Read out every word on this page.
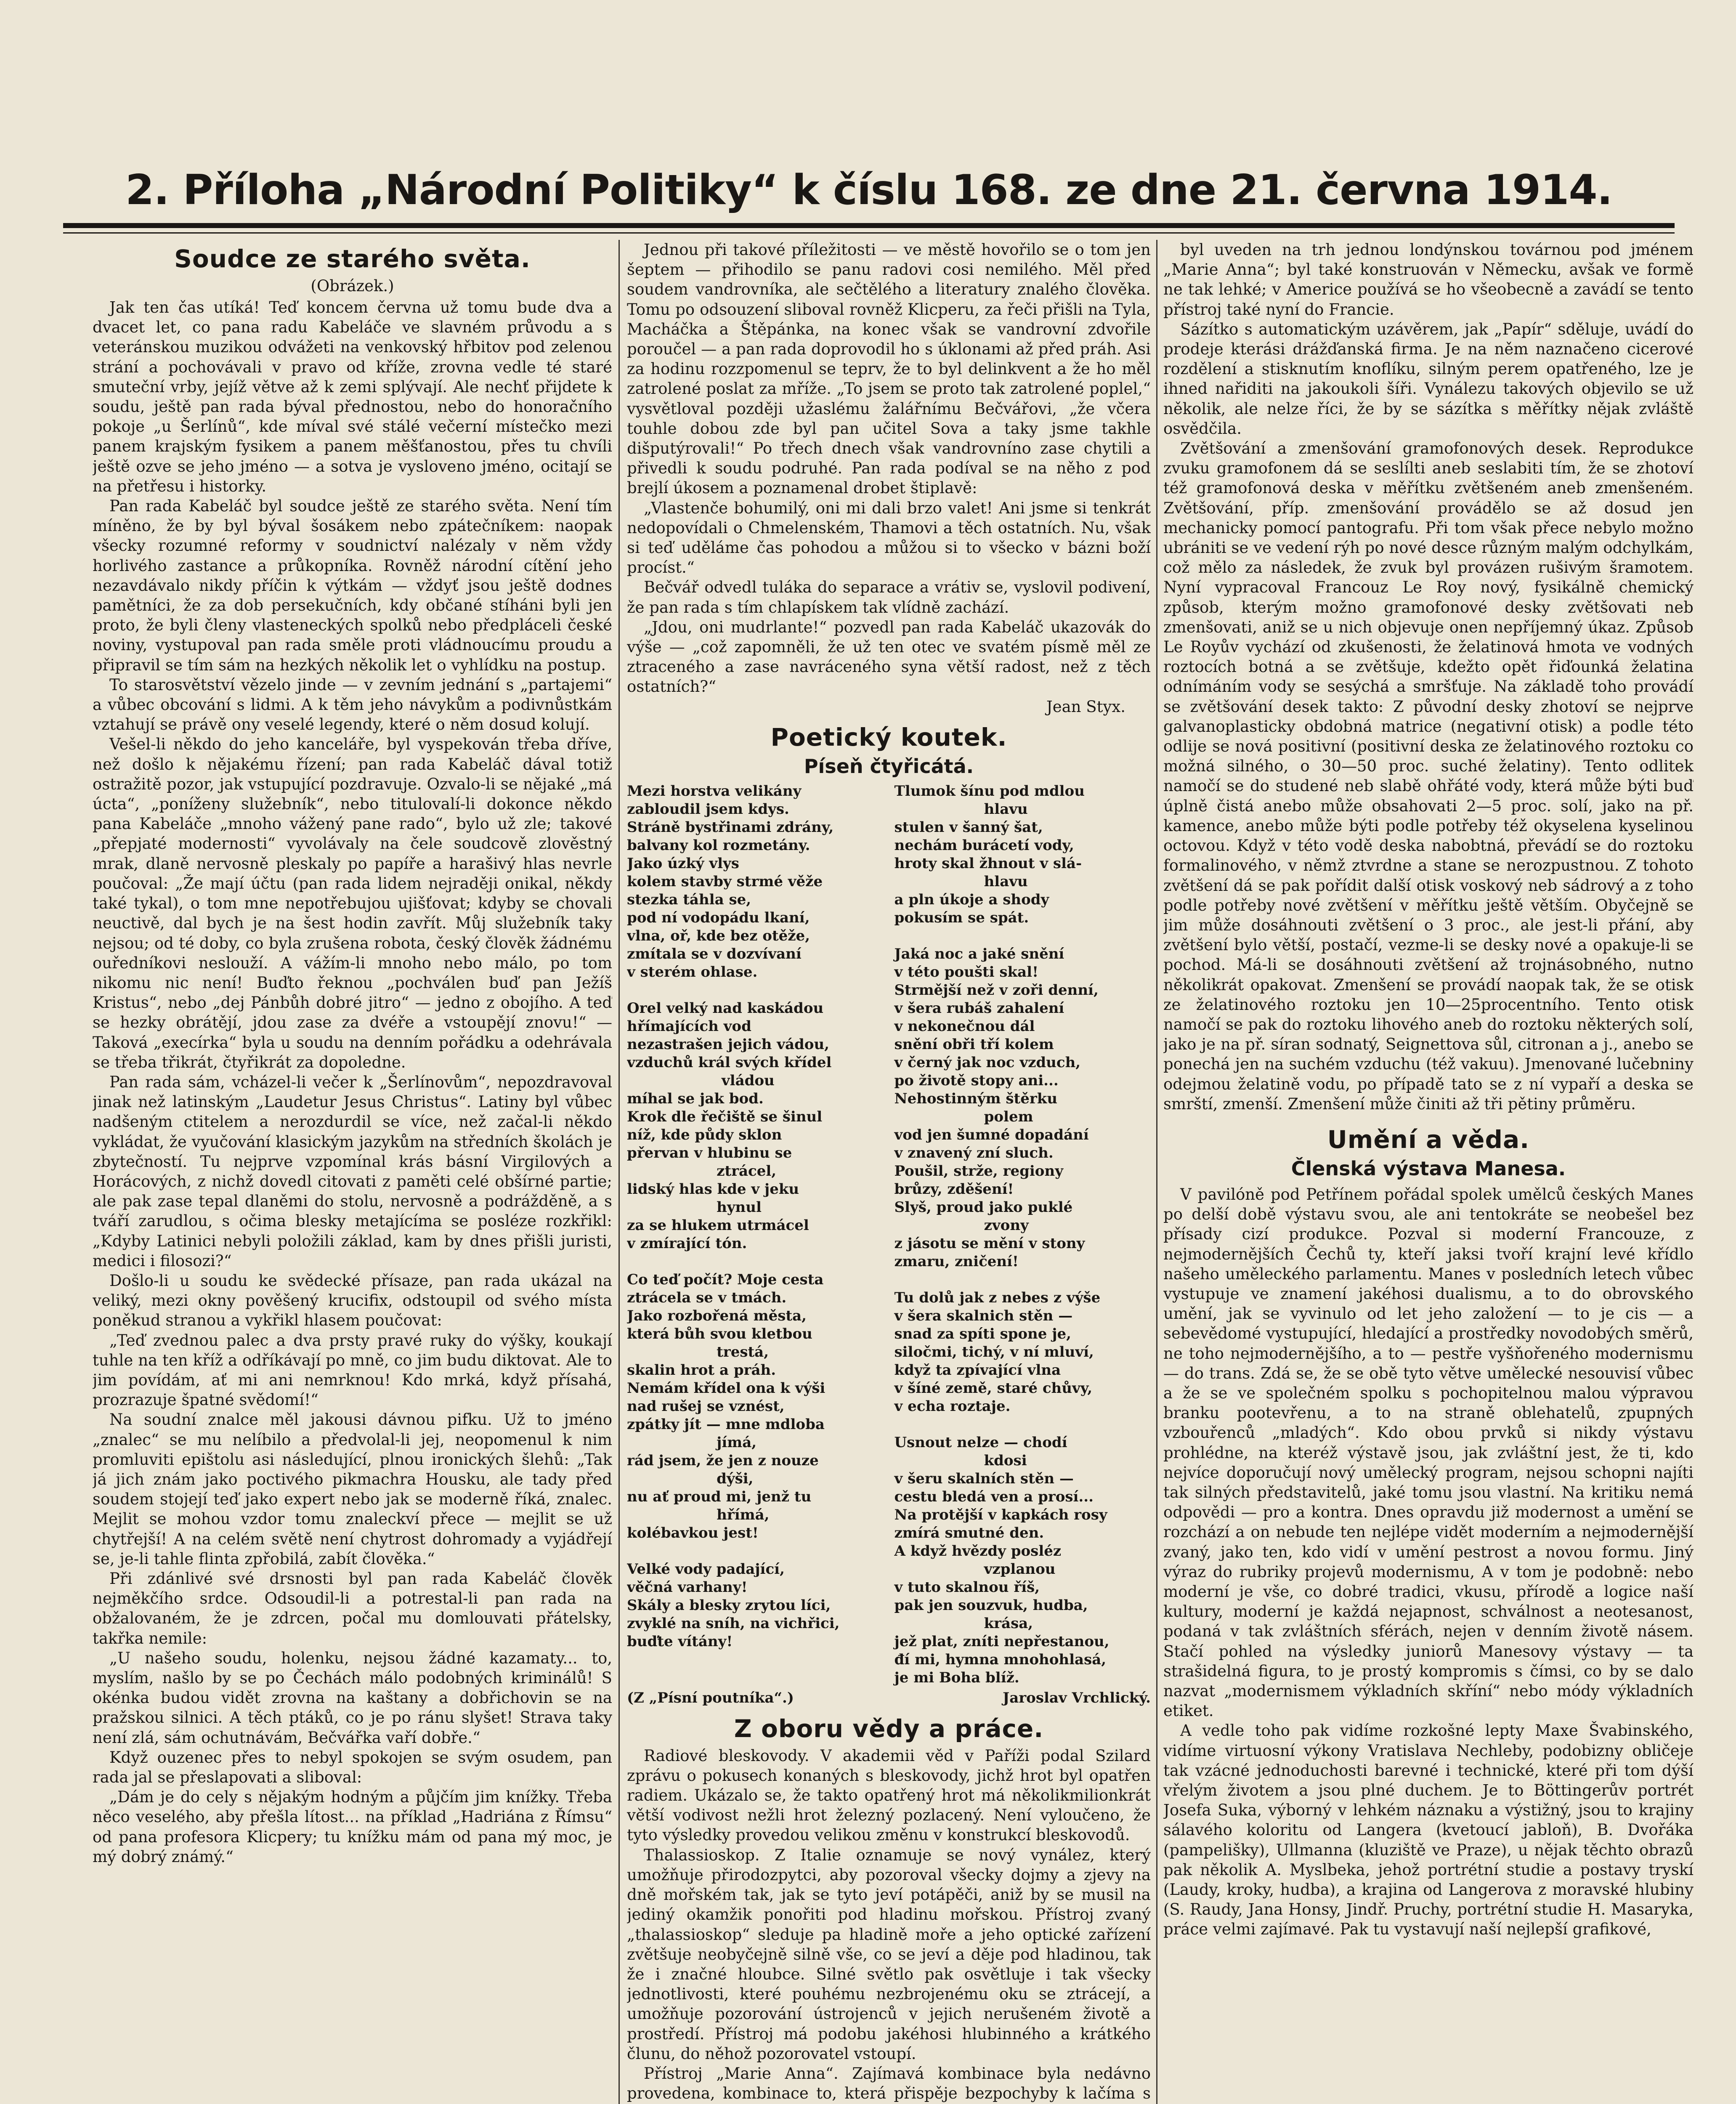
2. Příloha „Národní Politiky“ k číslu 168. ze dne 21. června 1914.
Soudce ze starého světa.
(Obrázek.)

Jak ten čas utíká! Teď koncem června už tomu bude dva a dvacet let, co pana radu Kabeláče ve slavném průvodu a s veteránskou muzikou odvážeti na venkovský hřbitov pod zelenou strání a pochovávali v pravo od kříže, zrovna vedle té staré smuteční vrby, jejíž větve až k zemi splývají. Ale nechť přijdete k soudu, ještě pan rada býval přednostou, nebo do honoračního pokoje „u Šerlínů“, kde míval své stálé večerní místečko mezi panem krajským fysikem a panem měšťanostou, přes tu chvíli ještě ozve se jeho jméno — a sotva je vysloveno jméno, ocitají se na přetřesu i historky.

Pan rada Kabeláč byl soudce ještě ze starého světa. Není tím míněno, že by byl býval šosákem nebo zpátečníkem: naopak všecky rozumné reformy v soudnictví nalézaly v něm vždy horlivého zastance a průkopníka. Rovněž národní cítění jeho nezavdávalo nikdy příčin k výtkám — vždyť jsou ještě dodnes pamětníci, že za dob persekučních, kdy občané stíháni byli jen proto, že byli členy vlasteneckých spolků nebo předpláceli české noviny, vystupoval pan rada směle proti vládnoucímu proudu a připravil se tím sám na hezkých několik let o vyhlídku na postup.

To starosvětství vězelo jinde — v zevním jednání s „partajemi“ a vůbec obcování s lidmi. A k těm jeho návykům a podivnůstkám vztahují se právě ony veselé legendy, které o něm dosud kolují.

Vešel-li někdo do jeho kanceláře, byl vyspekován třeba dříve, než došlo k nějakému řízení; pan rada Kabeláč dával totiž ostražitě pozor, jak vstupující pozdravuje. Ozvalo-li se nějaké „má úcta“, „poníženy služebník“, nebo titulovalí-li dokonce někdo pana Kabeláče „mnoho vážený pane rado“, bylo už zle; takové „přepjaté modernosti“ vyvolávaly na čele soudcově zlověstný mrak, dlaně nervosně pleskaly po papíře a harašivý hlas nevrle poučoval: „Že mají účtu (pan rada lidem nejraději onikal, někdy také tykal), o tom mne nepotřebujou ujišťovat; kdyby se chovali neuctivě, dal bych je na šest hodin zavřít. Můj služebník taky nejsou; od té doby, co byla zrušena robota, český člověk žádnému ouředníkovi neslouží. A vážím-li mnoho nebo málo, po tom nikomu nic není! Buďto řeknou „pochválen buď pan Ježíš Kristus“, nebo „dej Pánbůh dobré jitro“ — jedno z obojího. A teď se hezky obrátějí, jdou zase za dvéře a vstoupějí znovu!“ — Taková „execírka“ byla u soudu na denním pořádku a odehrávala se třeba třikrát, čtyřikrát za dopoledne.

Pan rada sám, vcházel-li večer k „Šerlínovům“, nepozdravoval jinak než latinským „Laudetur Jesus Christus“. Latiny byl vůbec nadšeným ctitelem a nerozdurdil se více, než začal-li někdo vykládat, že vyučování klasickým jazykům na středních školách je zbytečností. Tu nejprve vzpomínal krás básní Virgilových a Horácových, z nichž dovedl citovati z paměti celé obšírné partie; ale pak zase tepal dlaněmi do stolu, nervosně a podrážděně, a s tváří zarudlou, s očima blesky metajícíma se posléze rozkřikl: „Kdyby Latinici nebyli položili základ, kam by dnes přišli juristi, medici i filosozi?“

Došlo-li u soudu ke svědecké přísaze, pan rada ukázal na veliký, mezi okny pověšený krucifix, odstoupil od svého místa poněkud stranou a vykřikl hlasem poučovat:

„Teď zvednou palec a dva prsty pravé ruky do výšky, koukají tuhle na ten kříž a odříkávají po mně, co jim budu diktovat. Ale to jim povídám, ať mi ani nemrknou! Kdo mrká, když přísahá, prozrazuje špatné svědomí!“

Na soudní znalce měl jakousi dávnou pifku. Už to jméno „znalec“ se mu nelíbilo a předvolal-li jej, neopomenul k nim promluviti epištolu asi následující, plnou ironických šlehů: „Tak já jich znám jako poctivého pikmachra Housku, ale tady před soudem stojejí teď jako expert nebo jak se moderně říká, znalec. Mejlit se mohou vzdor tomu znaleckví přece — mejlit se už chytřejší! A na celém světě není chytrost dohromady a vyjádřejí se, je-li tahle flinta zpřobilá, zabít člověka.“

Při zdánlivé své drsnosti byl pan rada Kabeláč člověk nejměkčího srdce. Odsoudil-li a potrestal-li pan rada na obžalovaném, že je zdrcen, počal mu domlouvati přátelsky, takřka nemile:

„U našeho soudu, holenku, nejsou žádné kazamaty... to, myslím, našlo by se po Čechách málo podobných kriminálů! S okénka budou vidět zrovna na kaštany a dobřichovin se na pražskou silnici. A těch ptáků, co je po ránu slyšet! Strava taky není zlá, sám ochutnávám, Bečvářka vaří dobře.“

Když ouzenec přes to nebyl spokojen se svým osudem, pan rada jal se přeslapovati a sliboval:

„Dám je do cely s nějakým hodným a půjčím jim knížky. Třeba něco veselého, aby přešla lítost... na příklad „Hadriána z Římsu“ od pana profesora Klicpery; tu knížku mám od pana mý moc, je mý dobrý známý.“

Jednou při takové příležitosti — ve městě hovořilo se o tom jen šeptem — přihodilo se panu radovi cosi nemilého. Měl před soudem vandrovníka, ale sečtělého a literatury znalého člověka. Tomu po odsouzení sliboval rovněž Klicperu, za řeči přišli na Tyla, Macháčka a Štěpánka, na konec však se vandrovní zdvořile poroučel — a pan rada doprovodil ho s úklonami až před práh. Asi za hodinu rozzpomenul se teprv, že to byl delinkvent a že ho měl zatrolené poslat za mříže. „To jsem se proto tak zatrolené poplel,“ vysvětloval později užaslému žalářnímu Bečvářovi, „že včera touhle dobou zde byl pan učitel Sova a taky jsme takhle dišputýrovali!“ Po třech dnech však vandrovníno zase chytili a přivedli k soudu podruhé. Pan rada podíval se na něho z pod brejlí úkosem a poznamenal drobet štiplavě:

„Vlastenče bohumilý, oni mi dali brzo valet! Ani jsme si tenkrát nedopovídali o Chmelenském, Thamovi a těch ostatních. Nu, však si teď uděláme čas pohodou a můžou si to všecko v bázni boží procíst.“

Bečvář odvedl tuláka do separace a vrátiv se, vyslovil podivení, že pan rada s tím chlapískem tak vlídně zachází.

„Jdou, oni mudrlante!“ pozvedl pan rada Kabeláč ukazovák do výše — „což zapomněli, že už ten otec ve svatém písmě měl ze ztraceného a zase navráceného syna větší radost, než z těch ostatních?“

Jean Styx.
Poetický koutek.
Píseň čtyřicátá.
Mezi horstva velikány
zabloudil jsem kdys.
Stráně bystřinami zdrány,
balvany kol rozmetány.
Jako úzký vlys
kolem stavby strmé věže
stezka táhla se,
pod ní vodopádu lkaní,
vlna, oř, kde bez otěže,
zmítala se v dozvívaní
v sterém ohlase.

Orel velký nad kaskádou
hřímajících vod
nezastrašen jejich vádou,
vzduchů král svých křídel
vládou
míhal se jak bod.
Krok dle řečiště se šinul
níž, kde půdy sklon
přervan v hlubinu se
ztrácel,
lidský hlas kde v jeku
hynul
za se hlukem utrmácel
v zmírající tón.

Co teď počít? Moje cesta
ztrácela se v tmách.
Jako rozbořená města,
která bůh svou kletbou
trestá,
skalin hrot a práh.
Nemám křídel ona k výši
nad rušej se vznést,
zpátky jít — mne mdloba
jímá,
rád jsem, že jen z nouze
dýši,
nu ať proud mi, jenž tu
hřímá,
kolébavkou jest!

Velké vody padající,
věčná varhany!
Skály a blesky zrytou líci,
zvyklé na sníh, na vichřici,
buďte vítány!
Tlumok šínu pod mdlou
hlavu
stulen v šanný šat,
nechám burácetí vody,
hroty skal žhnout v slá-
hlavu
a pln úkoje a shody
pokusím se spát.

Jaká noc a jaké snění
v této poušti skal!
Strmější než v zoři denní,
v šera rubáš zahalení
v nekonečnou dál
snění obři tří kolem
v černý jak noc vzduch,
po životě stopy ani...
Nehostinným štěrku
polem
vod jen šumné dopadání
v znavený zní sluch.
Poušil, strže, regiony
brůzy, zděšení!
Slyš, proud jako puklé
zvony
z jásotu se mění v stony
zmaru, zničení!

Tu dolů jak z nebes z výše
v šera skalnich stěn —
snad za spíti spone je,
siločmi, tichý, v ní mluví,
když ta zpívající vlna
v šíné země, staré chůvy,
v echa roztaje.

Usnout nelze — chodí
kdosi
v šeru skalních stěn —
cestu bledá ven a prosí...
Na protější v kapkách rosy
zmírá smutné den.
A když hvězdy posléz
vzplanou
v tuto skalnou říš,
pak jen souzvuk, hudba,
krása,
jež plat, zníti nepřestanou,
đí mi, hymna mnohohlasá,
je mi Boha blíž.
(Z „Písní poutníka“.)	Jaroslav Vrchlický.
Z oboru vědy a práce.

Radiové bleskovody. V akademii věd v Paříži podal Szilard zprávu o pokusech konaných s bleskovody, jichž hrot byl opatřen radiem. Ukázalo se, že takto opatřený hrot má několikmilionkrát větší vodivost nežli hrot železný pozlacený. Není vyloučeno, že tyto výsledky provedou velikou změnu v konstrukcí bleskovodů.

Thalassioskop. Z Italie oznamuje se nový vynález, který umožňuje přirodozpytci, aby pozoroval všecky dojmy a zjevy na dně mořském tak, jak se tyto jeví potápěči, aniž by se musil na jediný okamžik ponořiti pod hladinu mořskou. Přístroj zvaný „thalassioskop“ sleduje pa hladině moře a jeho optické zařízení zvětšuje neobyčejně silně vše, co se jeví a děje pod hladinou, tak že i značné hloubce. Silné světlo pak osvětluje i tak všecky jednotlivosti, které pouhému nezbrojenému oku se ztrácejí, a umožňuje pozorování ústrojenců v jejich nerušeném životě a prostředí. Přístroj má podobu jakéhosi hlubinného a krátkého člunu, do něhož pozorovatel vstoupí.

Přístroj „Marie Anna“. Zajímavá kombinace byla nedávno provedena, kombinace to, která přispěje bezpochyby k lačíma s

byl uveden na trh jednou londýnskou továrnou pod jménem „Marie Anna“; byl také konstruován v Německu, avšak ve formě ne tak lehké; v Americe používá se ho všeobecně a zavádí se tento přístroj také nyní do Francie.

Sázítko s automatickým uzávěrem, jak „Papír“ sděluje, uvádí do prodeje kterási drážďanská firma. Je na něm naznačeno cicerové rozdělení a stisknutím knoflíku, silným perem opatřeného, lze je ihned nařiditi na jakoukoli šíři. Vynálezu takových objevilo se už několik, ale nelze říci, že by se sázítka s měřítky nějak zvláště osvědčila.

Zvětšování a zmenšování gramofonových desek. Reprodukce zvuku gramofonem dá se seslílti aneb seslabiti tím, že se zhotoví též gramofonová deska v měřítku zvětšeném aneb zmenšeném. Zvětšování, příp. zmenšování provádělo se až dosud jen mechanicky pomocí pantografu. Při tom však přece nebylo možno ubrániti se ve vedení rýh po nové desce různým malým odchylkám, což mělo za následek, že zvuk byl provázen rušivým šramotem. Nyní vypracoval Francouz Le Roy nový, fysikálně chemický způsob, kterým možno gramofonové desky zvětšovati neb zmenšovati, aniž se u nich objevuje onen nepříjemný úkaz. Způsob Le Royův vychází od zkušenosti, že želatinová hmota ve vodných roztocích botná a se zvětšuje, kdežto opět řiďounká želatina odnímáním vody se sesýchá a smršťuje. Na základě toho provádí se zvětšování desek takto: Z původní desky zhotoví se nejprve galvanoplasticky obdobná matrice (negativní otisk) a podle této odlije se nová positivní (positivní deska ze želatinového roztoku co možná silného, o 30—50 proc. suché želatiny). Tento odlitek namočí se do studené neb slabě ohřáté vody, která může býti buď úplně čistá anebo může obsahovati 2—5 proc. solí, jako na př. kamence, anebo může býti podle potřeby též okyselena kyselinou octovou. Když v této vodě deska nabobtná, převádí se do roztoku formalinového, v němž ztvrdne a stane se nerozpustnou. Z tohoto zvětšení dá se pak pořídit další otisk voskový neb sádrový a z toho podle potřeby nové zvětšení v měřítku ještě větším. Obyčejně se jim může dosáhnouti zvětšení o 3 proc., ale jest-li přání, aby zvětšení bylo větší, postačí, vezme-li se desky nové a opakuje-li se pochod. Má-li se dosáhnouti zvětšení až trojnásobného, nutno několikrát opakovat. Zmenšení se provádí naopak tak, že se otisk ze želatinového roztoku jen 10—25procentního. Tento otisk namočí se pak do roztoku lihového aneb do roztoku některých solí, jako je na př. síran sodnatý, Seignettova sůl, citronan a j., anebo se ponechá jen na suchém vzduchu (též vakuu). Jmenované lučebniny odejmou želatině vodu, po případě tato se z ní vypaří a deska se smrští, zmenší. Zmenšení může činiti až tři pětiny průměru.

Umění a věda.
Členská výstava Manesa.

V pavilóně pod Petřínem pořádal spolek umělců českých Manes po delší době výstavu svou, ale ani tentokráte se neobešel bez přísady cizí produkce. Pozval si moderní Francouze, z nejmodernějších Čechů ty, kteří jaksi tvoří krajní levé křídlo našeho uměleckého parlamentu. Manes v posledních letech vůbec vystupuje ve znamení jakéhosi dualismu, a to do obrovského umění, jak se vyvinulo od let jeho založení — to je cis — a sebevědomé vystupující, hledající a prostředky novodobých směrů, ne toho nejmodernějšího, a to — pestře vyšňořeného modernismu — do trans. Zdá se, že se obě tyto větve umělecké nesouvisí vůbec a že se ve společném spolku s pochopitelnou malou výpravou branku pootevřenu, a to na straně oblehatelů, zpupných vzbouřenců „mladých“. Kdo obou prvků si nikdy výstavu prohlédne, na kteréž výstavě jsou, jak zvláštní jest, že ti, kdo nejvíce doporučují nový umělecký program, nejsou schopni najíti tak silných představitelů, jaké tomu jsou vlastní. Na kritiku nemá odpovědi — pro a kontra. Dnes opravdu již modernost a umění se rozchází a on nebude ten nejlépe vidět moderním a nejmodernější zvaný, jako ten, kdo vidí v umění pestrost a novou formu. Jiný výraz do rubriky projevů modernismu, A v tom je podobně: nebo moderní je vše, co dobré tradici, vkusu, přírodě a logice naší kultury, moderní je každá nejapnost, schválnost a neotesanost, podaná v tak zvláštních sférách, nejen v denním životě násem. Stačí pohled na výsledky juniorů Manesovy výstavy — ta strašidelná figura, to je prostý kompromis s čímsi, co by se dalo nazvat „modernismem výkladních skříní“ nebo módy výkladních etiket.

A vedle toho pak vidíme rozkošné lepty Maxe Švabinského, vidíme virtuosní výkony Vratislava Nechleby, podobizny obličeje tak vzácné jednoduchosti barevné i technické, které při tom dýší vřelým životem a jsou plné duchem. Je to Böttingerův portrét Josefa Suka, výborný v lehkém náznaku a výstižný, jsou to krajiny sálavého koloritu od Langera (kvetoucí jabloň), B. Dvořáka (pampelišky), Ullmanna (kluziště ve Praze), u nějak těchto obrazů pak několik A. Myslbeka, jehož portrétní studie a postavy tryskí (Laudy, kroky, hudba), a krajina od Langerova z moravské hlubiny (S. Raudy, Jana Honsy, Jindř. Pruchy, portrétní studie H. Masaryka, práce velmi zajímavé. Pak tu vystavují naší nejlepší grafikové,
